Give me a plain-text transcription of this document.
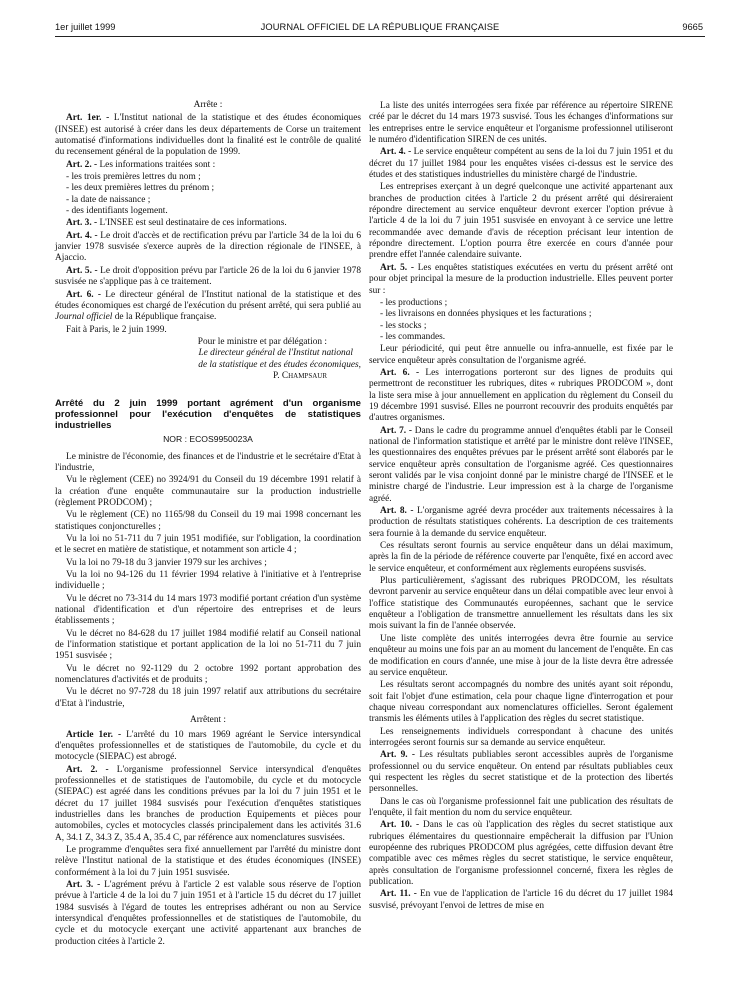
1er juillet 1999	JOURNAL OFFICIEL DE LA RÉPUBLIQUE FRANÇAISE	9665

Arrête :

Art. 1er. - L'Institut national de la statistique et des études économiques (INSEE) est autorisé à créer dans les deux départements de Corse un traitement automatisé d'informations individuelles dont la finalité est le contrôle de qualité du recensement général de la population de 1999.

Art. 2. - Les informations traitées sont :

- les trois premières lettres du nom ;

- les deux premières lettres du prénom ;

- la date de naissance ;

- des identifiants logement.

Art. 3. - L'INSEE est seul destinataire de ces informations.

Art. 4. - Le droit d'accès et de rectification prévu par l'article 34 de la loi du 6 janvier 1978 susvisée s'exerce auprès de la direction régionale de l'INSEE, à Ajaccio.

Art. 5. - Le droit d'opposition prévu par l'article 26 de la loi du 6 janvier 1978 susvisée ne s'applique pas à ce traitement.

Art. 6. - Le directeur général de l'Institut national de la statistique et des études économiques est chargé de l'exécution du présent arrêté, qui sera publié au Journal officiel de la République française.

Fait à Paris, le 2 juin 1999.

Pour le ministre et par délégation :

Le directeur général de l'Institut national

de la statistique et des études économiques,

P. Champsaur

Arrêté du 2 juin 1999 portant agrément d'un organisme professionnel pour l'exécution d'enquêtes de statistiques industrielles

NOR : ECOS9950023A

Le ministre de l'économie, des finances et de l'industrie et le secrétaire d'Etat à l'industrie,

Vu le règlement (CEE) no 3924/91 du Conseil du 19 décembre 1991 relatif à la création d'une enquête communautaire sur la production industrielle (règlement PRODCOM) ;

Vu le règlement (CE) no 1165/98 du Conseil du 19 mai 1998 concernant les statistiques conjoncturelles ;

Vu la loi no 51-711 du 7 juin 1951 modifiée, sur l'obligation, la coordination et le secret en matière de statistique, et notamment son article 4 ;

Vu la loi no 79-18 du 3 janvier 1979 sur les archives ;

Vu la loi no 94-126 du 11 février 1994 relative à l'initiative et à l'entreprise individuelle ;

Vu le décret no 73-314 du 14 mars 1973 modifié portant création d'un système national d'identification et d'un répertoire des entreprises et de leurs établissements ;

Vu le décret no 84-628 du 17 juillet 1984 modifié relatif au Conseil national de l'information statistique et portant application de la loi no 51-711 du 7 juin 1951 susvisée ;

Vu le décret no 92-1129 du 2 octobre 1992 portant approbation des nomenclatures d'activités et de produits ;

Vu le décret no 97-728 du 18 juin 1997 relatif aux attributions du secrétaire d'Etat à l'industrie,

Arrêtent :

Article 1er. - L'arrêté du 10 mars 1969 agréant le Service intersyndical d'enquêtes professionnelles et de statistiques de l'automobile, du cycle et du motocycle (SIEPAC) est abrogé.

Art. 2. - L'organisme professionnel Service intersyndical d'enquêtes professionnelles et de statistiques de l'automobile, du cycle et du motocycle (SIEPAC) est agréé dans les conditions prévues par la loi du 7 juin 1951 et le décret du 17 juillet 1984 susvisés pour l'exécution d'enquêtes statistiques industrielles dans les branches de production Equipements et pièces pour automobiles, cycles et motocycles classés principalement dans les activités 31.6 A, 34.1 Z, 34.3 Z, 35.4 A, 35.4 C, par référence aux nomenclatures susvisées.

Le programme d'enquêtes sera fixé annuellement par l'arrêté du ministre dont relève l'Institut national de la statistique et des études économiques (INSEE) conformément à la loi du 7 juin 1951 susvisée.

Art. 3. - L'agrément prévu à l'article 2 est valable sous réserve de l'option prévue à l'article 4 de la loi du 7 juin 1951 et à l'article 15 du décret du 17 juillet 1984 susvisés à l'égard de toutes les entreprises adhérant ou non au Service intersyndical d'enquêtes professionnelles et de statistiques de l'automobile, du cycle et du motocycle exerçant une activité appartenant aux branches de production citées à l'article 2.

La liste des unités interrogées sera fixée par référence au répertoire SIRENE créé par le décret du 14 mars 1973 susvisé. Tous les échanges d'informations sur les entreprises entre le service enquêteur et l'organisme professionnel utiliseront le numéro d'identification SIREN de ces unités.

Art. 4. - Le service enquêteur compétent au sens de la loi du 7 juin 1951 et du décret du 17 juillet 1984 pour les enquêtes visées ci-dessus est le service des études et des statistiques industrielles du ministère chargé de l'industrie.

Les entreprises exerçant à un degré quelconque une activité appartenant aux branches de production citées à l'article 2 du présent arrêté qui désireraient répondre directement au service enquêteur devront exercer l'option prévue à l'article 4 de la loi du 7 juin 1951 susvisée en envoyant à ce service une lettre recommandée avec demande d'avis de réception précisant leur intention de répondre directement. L'option pourra être exercée en cours d'année pour prendre effet l'année calendaire suivante.

Art. 5. - Les enquêtes statistiques exécutées en vertu du présent arrêté ont pour objet principal la mesure de la production industrielle. Elles peuvent porter sur :

- les productions ;

- les livraisons en données physiques et les facturations ;

- les stocks ;

- les commandes.

Leur périodicité, qui peut être annuelle ou infra-annuelle, est fixée par le service enquêteur après consultation de l'organisme agréé.

Art. 6. - Les interrogations porteront sur des lignes de produits qui permettront de reconstituer les rubriques, dites « rubriques PRODCOM », dont la liste sera mise à jour annuellement en application du règlement du Conseil du 19 décembre 1991 susvisé. Elles ne pourront recouvrir des produits enquêtés par d'autres organismes.

Art. 7. - Dans le cadre du programme annuel d'enquêtes établi par le Conseil national de l'information statistique et arrêté par le ministre dont relève l'INSEE, les questionnaires des enquêtes prévues par le présent arrêté sont élaborés par le service enquêteur après consultation de l'organisme agréé. Ces questionnaires seront validés par le visa conjoint donné par le ministre chargé de l'INSEE et le ministre chargé de l'industrie. Leur impression est à la charge de l'organisme agréé.

Art. 8. - L'organisme agréé devra procéder aux traitements nécessaires à la production de résultats statistiques cohérents. La description de ces traitements sera fournie à la demande du service enquêteur.

Ces résultats seront fournis au service enquêteur dans un délai maximum, après la fin de la période de référence couverte par l'enquête, fixé en accord avec le service enquêteur, et conformément aux règlements européens susvisés.

Plus particulièrement, s'agissant des rubriques PRODCOM, les résultats devront parvenir au service enquêteur dans un délai compatible avec leur envoi à l'office statistique des Communautés européennes, sachant que le service enquêteur a l'obligation de transmettre annuellement les résultats dans les six mois suivant la fin de l'année observée.

Une liste complète des unités interrogées devra être fournie au service enquêteur au moins une fois par an au moment du lancement de l'enquête. En cas de modification en cours d'année, une mise à jour de la liste devra être adressée au service enquêteur.

Les résultats seront accompagnés du nombre des unités ayant soit répondu, soit fait l'objet d'une estimation, cela pour chaque ligne d'interrogation et pour chaque niveau correspondant aux nomenclatures officielles. Seront également transmis les éléments utiles à l'application des règles du secret statistique.

Les renseignements individuels correspondant à chacune des unités interrogées seront fournis sur sa demande au service enquêteur.

Art. 9. - Les résultats publiables seront accessibles auprès de l'organisme professionnel ou du service enquêteur. On entend par résultats publiables ceux qui respectent les règles du secret statistique et de la protection des libertés personnelles.

Dans le cas où l'organisme professionnel fait une publication des résultats de l'enquête, il fait mention du nom du service enquêteur.

Art. 10. - Dans le cas où l'application des règles du secret statistique aux rubriques élémentaires du questionnaire empêcherait la diffusion par l'Union européenne des rubriques PRODCOM plus agrégées, cette diffusion devant être compatible avec ces mêmes règles du secret statistique, le service enquêteur, après consultation de l'organisme professionnel concerné, fixera les règles de publication.

Art. 11. - En vue de l'application de l'article 16 du décret du 17 juillet 1984 susvisé, prévoyant l'envoi de lettres de mise en
